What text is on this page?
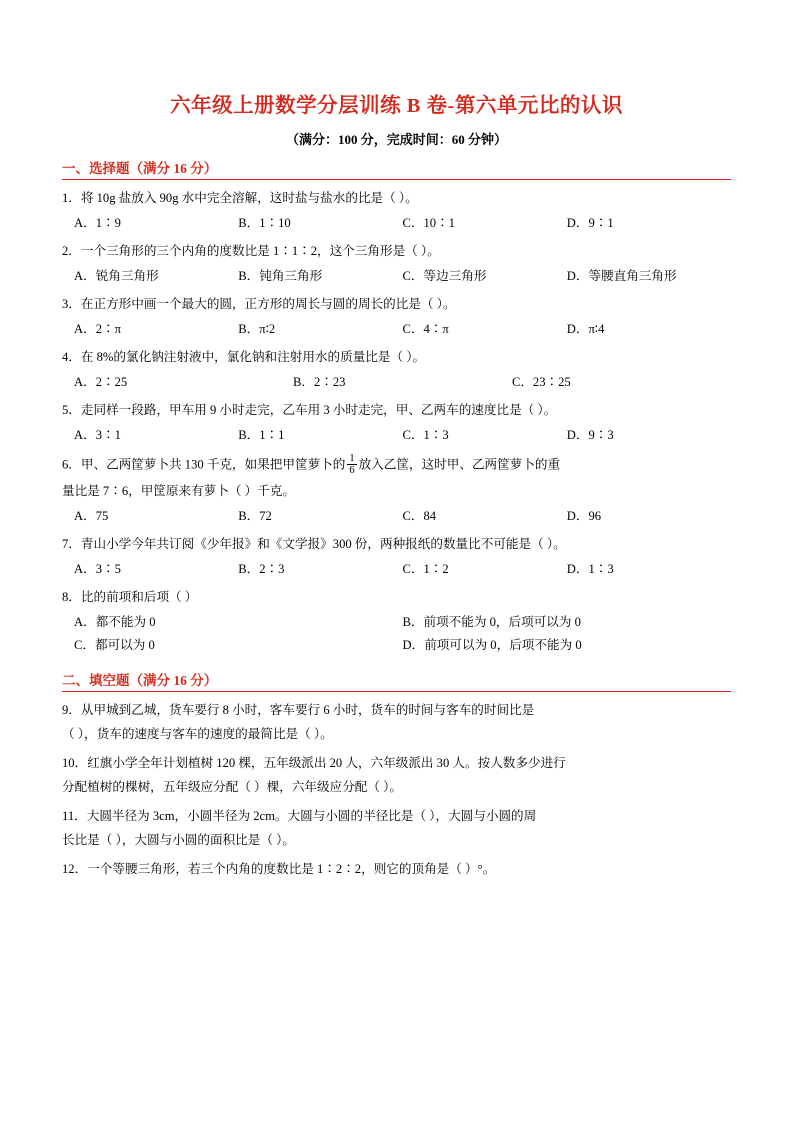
六年级上册数学分层训练 B 卷-第六单元比的认识
（满分：100 分，完成时间：60 分钟）
一、选择题（满分 16 分）
1．将 10g 盐放入 90g 水中完全溶解，这时盐与盐水的比是（ ）。
A．1∶9	B．1∶10	C．10∶1	D．9∶1
2．一个三角形的三个内角的度数比是 1∶1∶2，这个三角形是（ ）。
A．锐角三角形	B．钝角三角形	C．等边三角形	D．等腰直角三角形
3．在正方形中画一个最大的圆，正方形的周长与圆的周长的比是（ ）。
A．2∶π	B．π∶2	C．4∶π	D．π∶4
4．在 8%的氯化钠注射液中，氯化钠和注射用水的质量比是（ ）。
A．2∶25	B．2∶23	C．23∶25
5．走同样一段路，甲车用 9 小时走完，乙车用 3 小时走完，甲、乙两车的速度比是（ ）。
A．3∶1	B．1∶1	C．1∶3	D．9∶3
6．甲、乙两筐萝卜共 130 千克，如果把甲筐萝卜的 $\frac{1}{6}$ 放入乙筐，这时甲、乙两筐萝卜的重
量比是 7∶6，甲筐原来有萝卜（ ）千克。
A．75	B．72	C．84	D．96
7．青山小学今年共订阅《少年报》和《文学报》300 份，两种报纸的数量比不可能是（ ）。
A．3∶5	B．2∶3	C．1∶2	D．1∶3
8．比的前项和后项（ ）
A．都不能为 0	B．前项不能为 0，后项可以为 0
C．都可以为 0	D．前项可以为 0，后项不能为 0
二、填空题（满分 16 分）
9．从甲城到乙城，货车要行 8 小时，客车要行 6 小时，货车的时间与客车的时间比是
（ ），货车的速度与客车的速度的最简比是（ ）。
10．红旗小学全年计划植树 120 棵，五年级派出 20 人，六年级派出 30 人。按人数多少进行
分配植树的棵树，五年级应分配（ ）棵，六年级应分配（ ）。
11．大圆半径为 3cm，小圆半径为 2cm。大圆与小圆的半径比是（ ），大圆与小圆的周
长比是（ ），大圆与小圆的面积比是（ ）。
12．一个等腰三角形，若三个内角的度数比是 1∶2∶2，则它的顶角是（ ）°。
